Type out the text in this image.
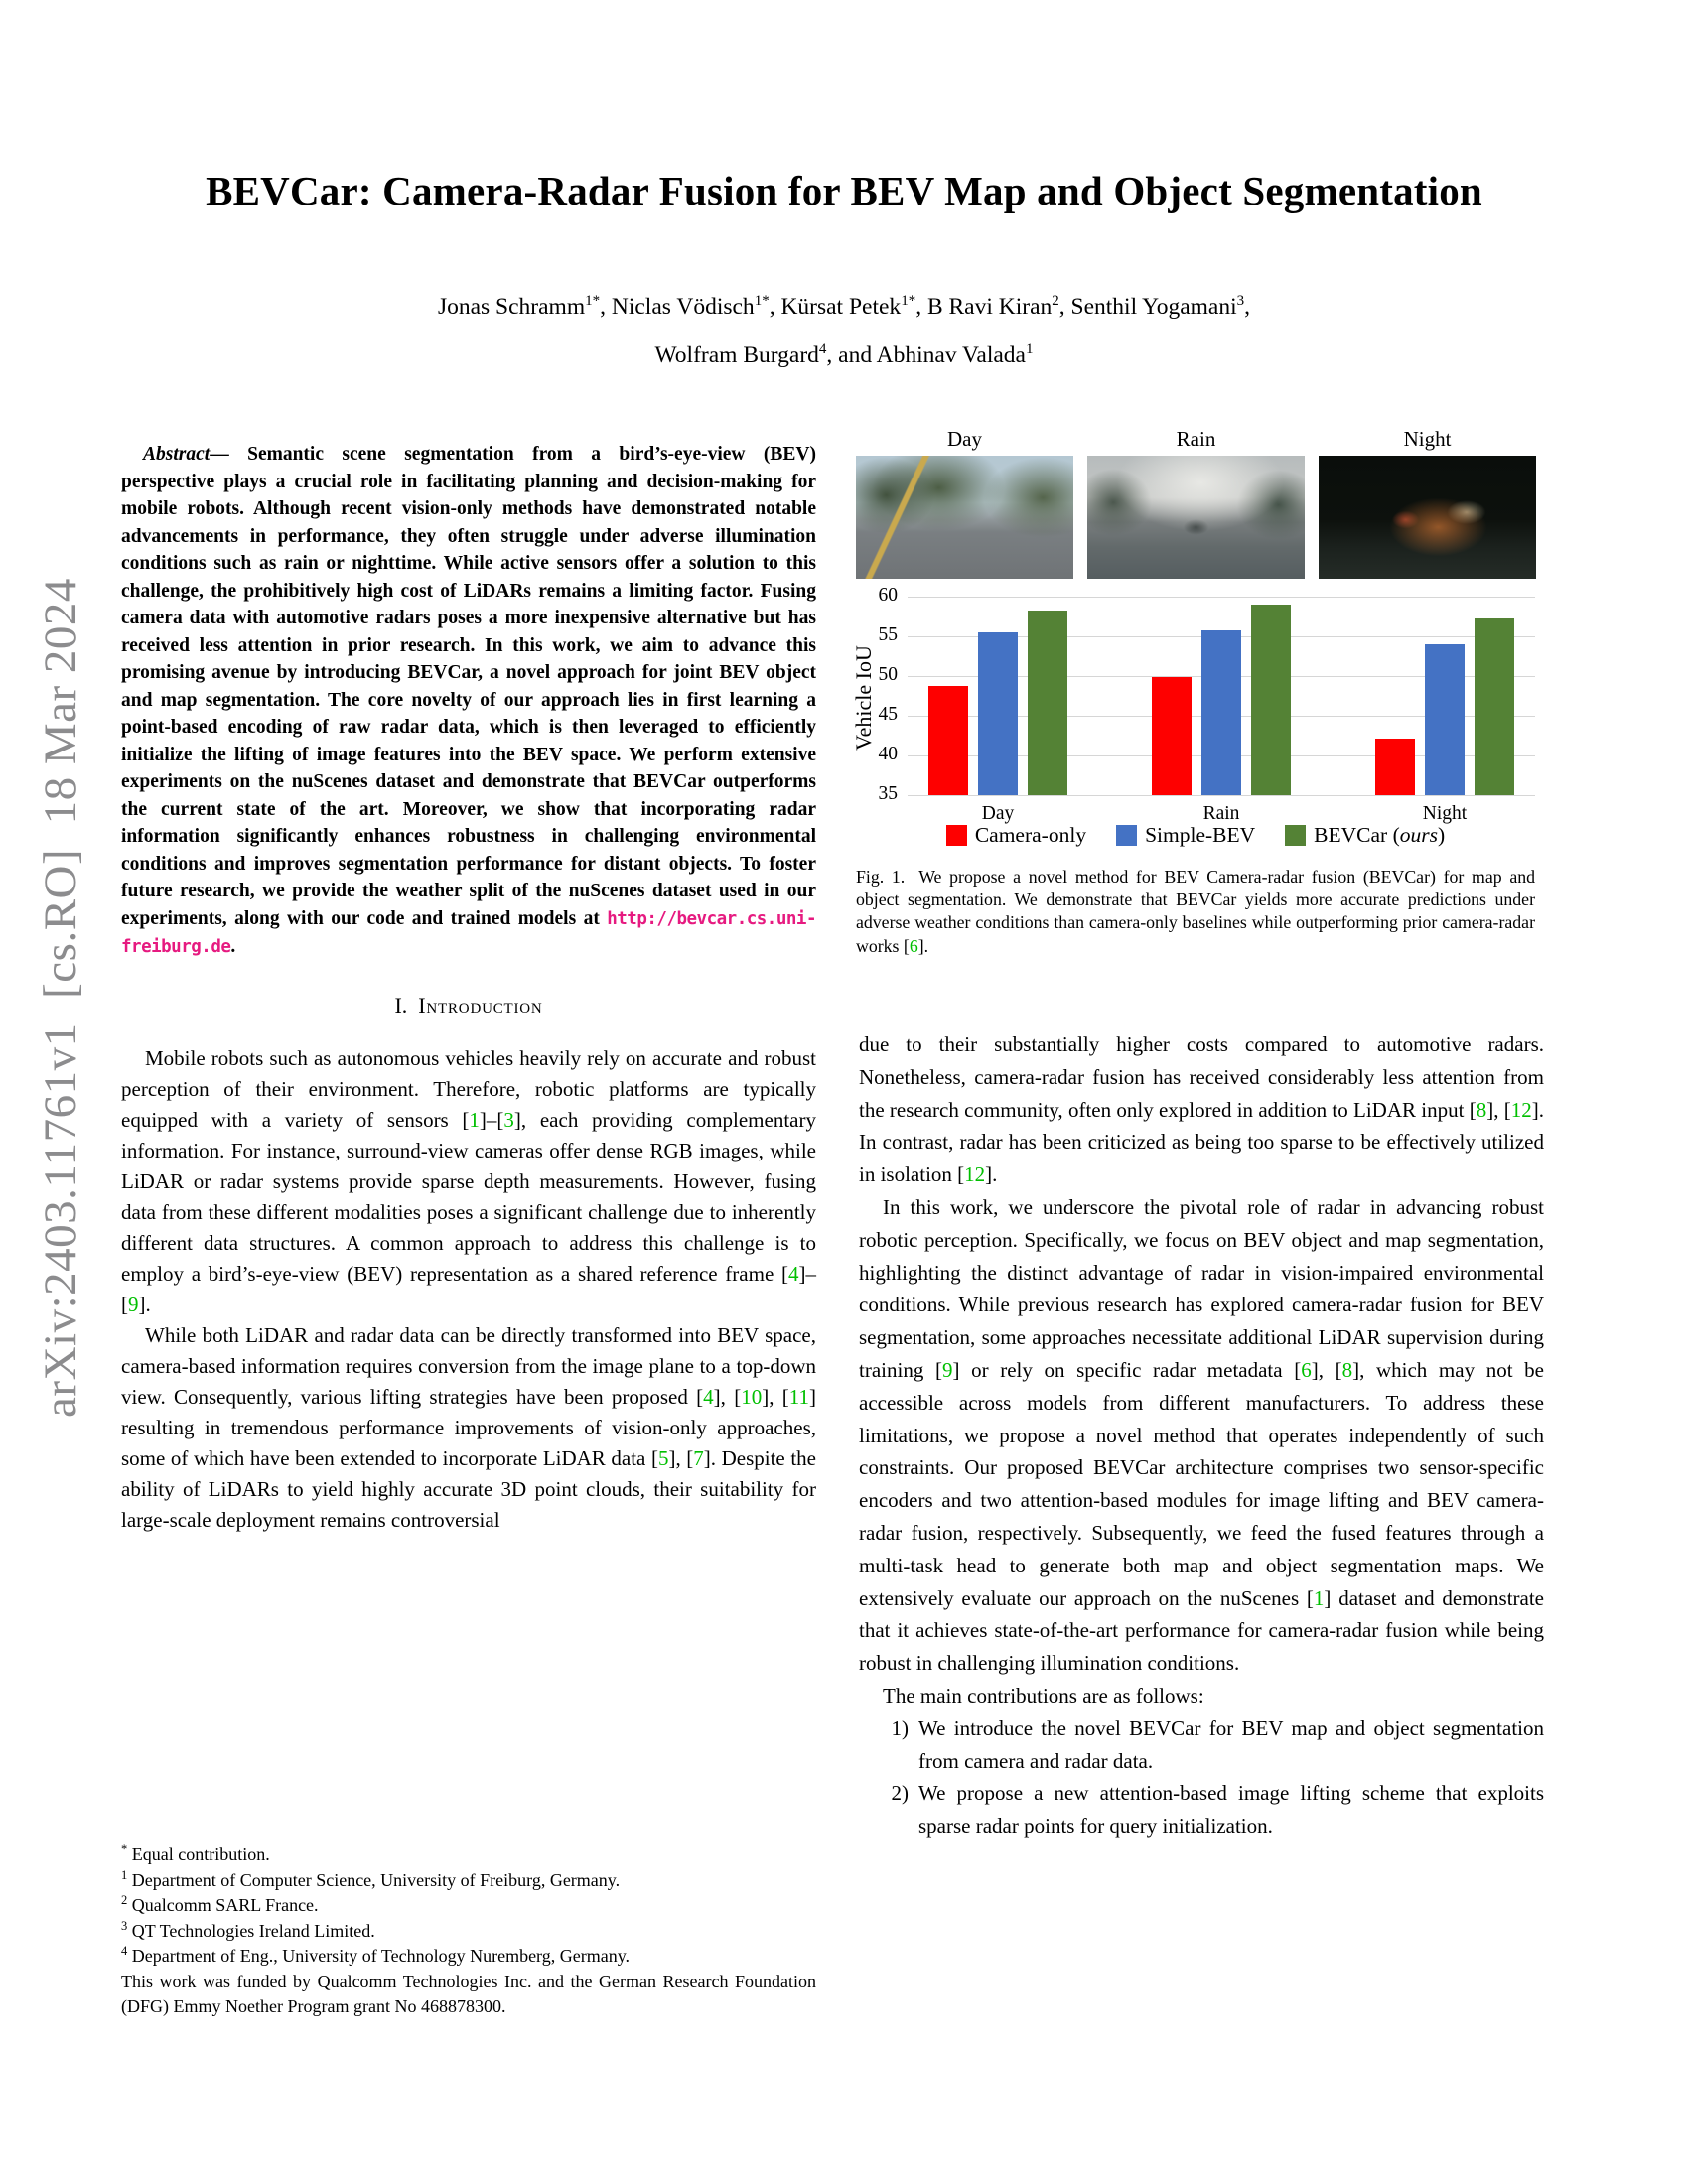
arXiv:2403.11761v1  [cs.RO]  18 Mar 2024
BEVCar: Camera-Radar Fusion for BEV Map and Object Segmentation
Jonas Schramm$^{1*}$, Niclas Vödisch$^{1*}$, Kürsat Petek$^{1*}$, B Ravi Kiran$^2$, Senthil Yogamani$^3$,
Wolfram Burgard$^4$, and Abhinav Valada$^1$

Abstract— Semantic scene segmentation from a bird’s-eye-view (BEV) perspective plays a crucial role in facilitating planning and decision-making for mobile robots. Although recent vision-only methods have demonstrated notable advancements in performance, they often struggle under adverse illumination conditions such as rain or nighttime. While active sensors offer a solution to this challenge, the prohibitively high cost of LiDARs remains a limiting factor. Fusing camera data with automotive radars poses a more inexpensive alternative but has received less attention in prior research. In this work, we aim to advance this promising avenue by introducing BEVCar, a novel approach for joint BEV object and map segmentation. The core novelty of our approach lies in first learning a point-based encoding of raw radar data, which is then leveraged to efficiently initialize the lifting of image features into the BEV space. We perform extensive experiments on the nuScenes dataset and demonstrate that BEVCar outperforms the current state of the art. Moreover, we show that incorporating radar information significantly enhances robustness in challenging environmental conditions and improves segmentation performance for distant objects. To foster future research, we provide the weather split of the nuScenes dataset used in our experiments, along with our code and trained models at http://bevcar.cs.uni-freiburg.de.

I. Introduction

Mobile robots such as autonomous vehicles heavily rely on accurate and robust perception of their environment. Therefore, robotic platforms are typically equipped with a variety of sensors [1]–[3], each providing complementary information. For instance, surround-view cameras offer dense RGB images, while LiDAR or radar systems provide sparse depth measurements. However, fusing data from these different modalities poses a significant challenge due to inherently different data structures. A common approach to address this challenge is to employ a bird’s-eye-view (BEV) representation as a shared reference frame [4]–[9].

While both LiDAR and radar data can be directly transformed into BEV space, camera-based information requires conversion from the image plane to a top-down view. Consequently, various lifting strategies have been proposed [4], [10], [11] resulting in tremendous performance improvements of vision-only approaches, some of which have been extended to incorporate LiDAR data [5], [7]. Despite the ability of LiDARs to yield highly accurate 3D point clouds, their suitability for large-scale deployment remains controversial

* Equal contribution.
$^1$ Department of Computer Science, University of Freiburg, Germany.
$^2$ Qualcomm SARL France.
$^3$ QT Technologies Ireland Limited.
$^4$ Department of Eng., University of Technology Nuremberg, Germany.
This work was funded by Qualcomm Technologies Inc. and the German Research Foundation (DFG) Emmy Noether Program grant No 468878300.
Day	Rain	Night
Vehicle IoU
Camera-only	Simple-BEV	BEVCar (ours)
35
40
45
50
55
60
Day	Rain	Night
Fig. 1. We propose a novel method for BEV Camera-radar fusion (BEVCar) for map and object segmentation. We demonstrate that BEVCar yields more accurate predictions under adverse weather conditions than camera-only baselines while outperforming prior camera-radar works [6].

due to their substantially higher costs compared to automotive radars. Nonetheless, camera-radar fusion has received considerably less attention from the research community, often only explored in addition to LiDAR input [8], [12]. In contrast, radar has been criticized as being too sparse to be effectively utilized in isolation [12].

In this work, we underscore the pivotal role of radar in advancing robust robotic perception. Specifically, we focus on BEV object and map segmentation, highlighting the distinct advantage of radar in vision-impaired environmental conditions. While previous research has explored camera-radar fusion for BEV segmentation, some approaches necessitate additional LiDAR supervision during training [9] or rely on specific radar metadata [6], [8], which may not be accessible across models from different manufacturers. To address these limitations, we propose a novel method that operates independently of such constraints. Our proposed BEVCar architecture comprises two sensor-specific encoders and two attention-based modules for image lifting and BEV camera-radar fusion, respectively. Subsequently, we feed the fused features through a multi-task head to generate both map and object segmentation maps. We extensively evaluate our approach on the nuScenes [1] dataset and demonstrate that it achieves state-of-the-art performance for camera-radar fusion while being robust in challenging illumination conditions.

The main contributions are as follows:

1) We introduce the novel BEVCar for BEV map and object segmentation from camera and radar data.
2) We propose a new attention-based image lifting scheme that exploits sparse radar points for query initialization.
